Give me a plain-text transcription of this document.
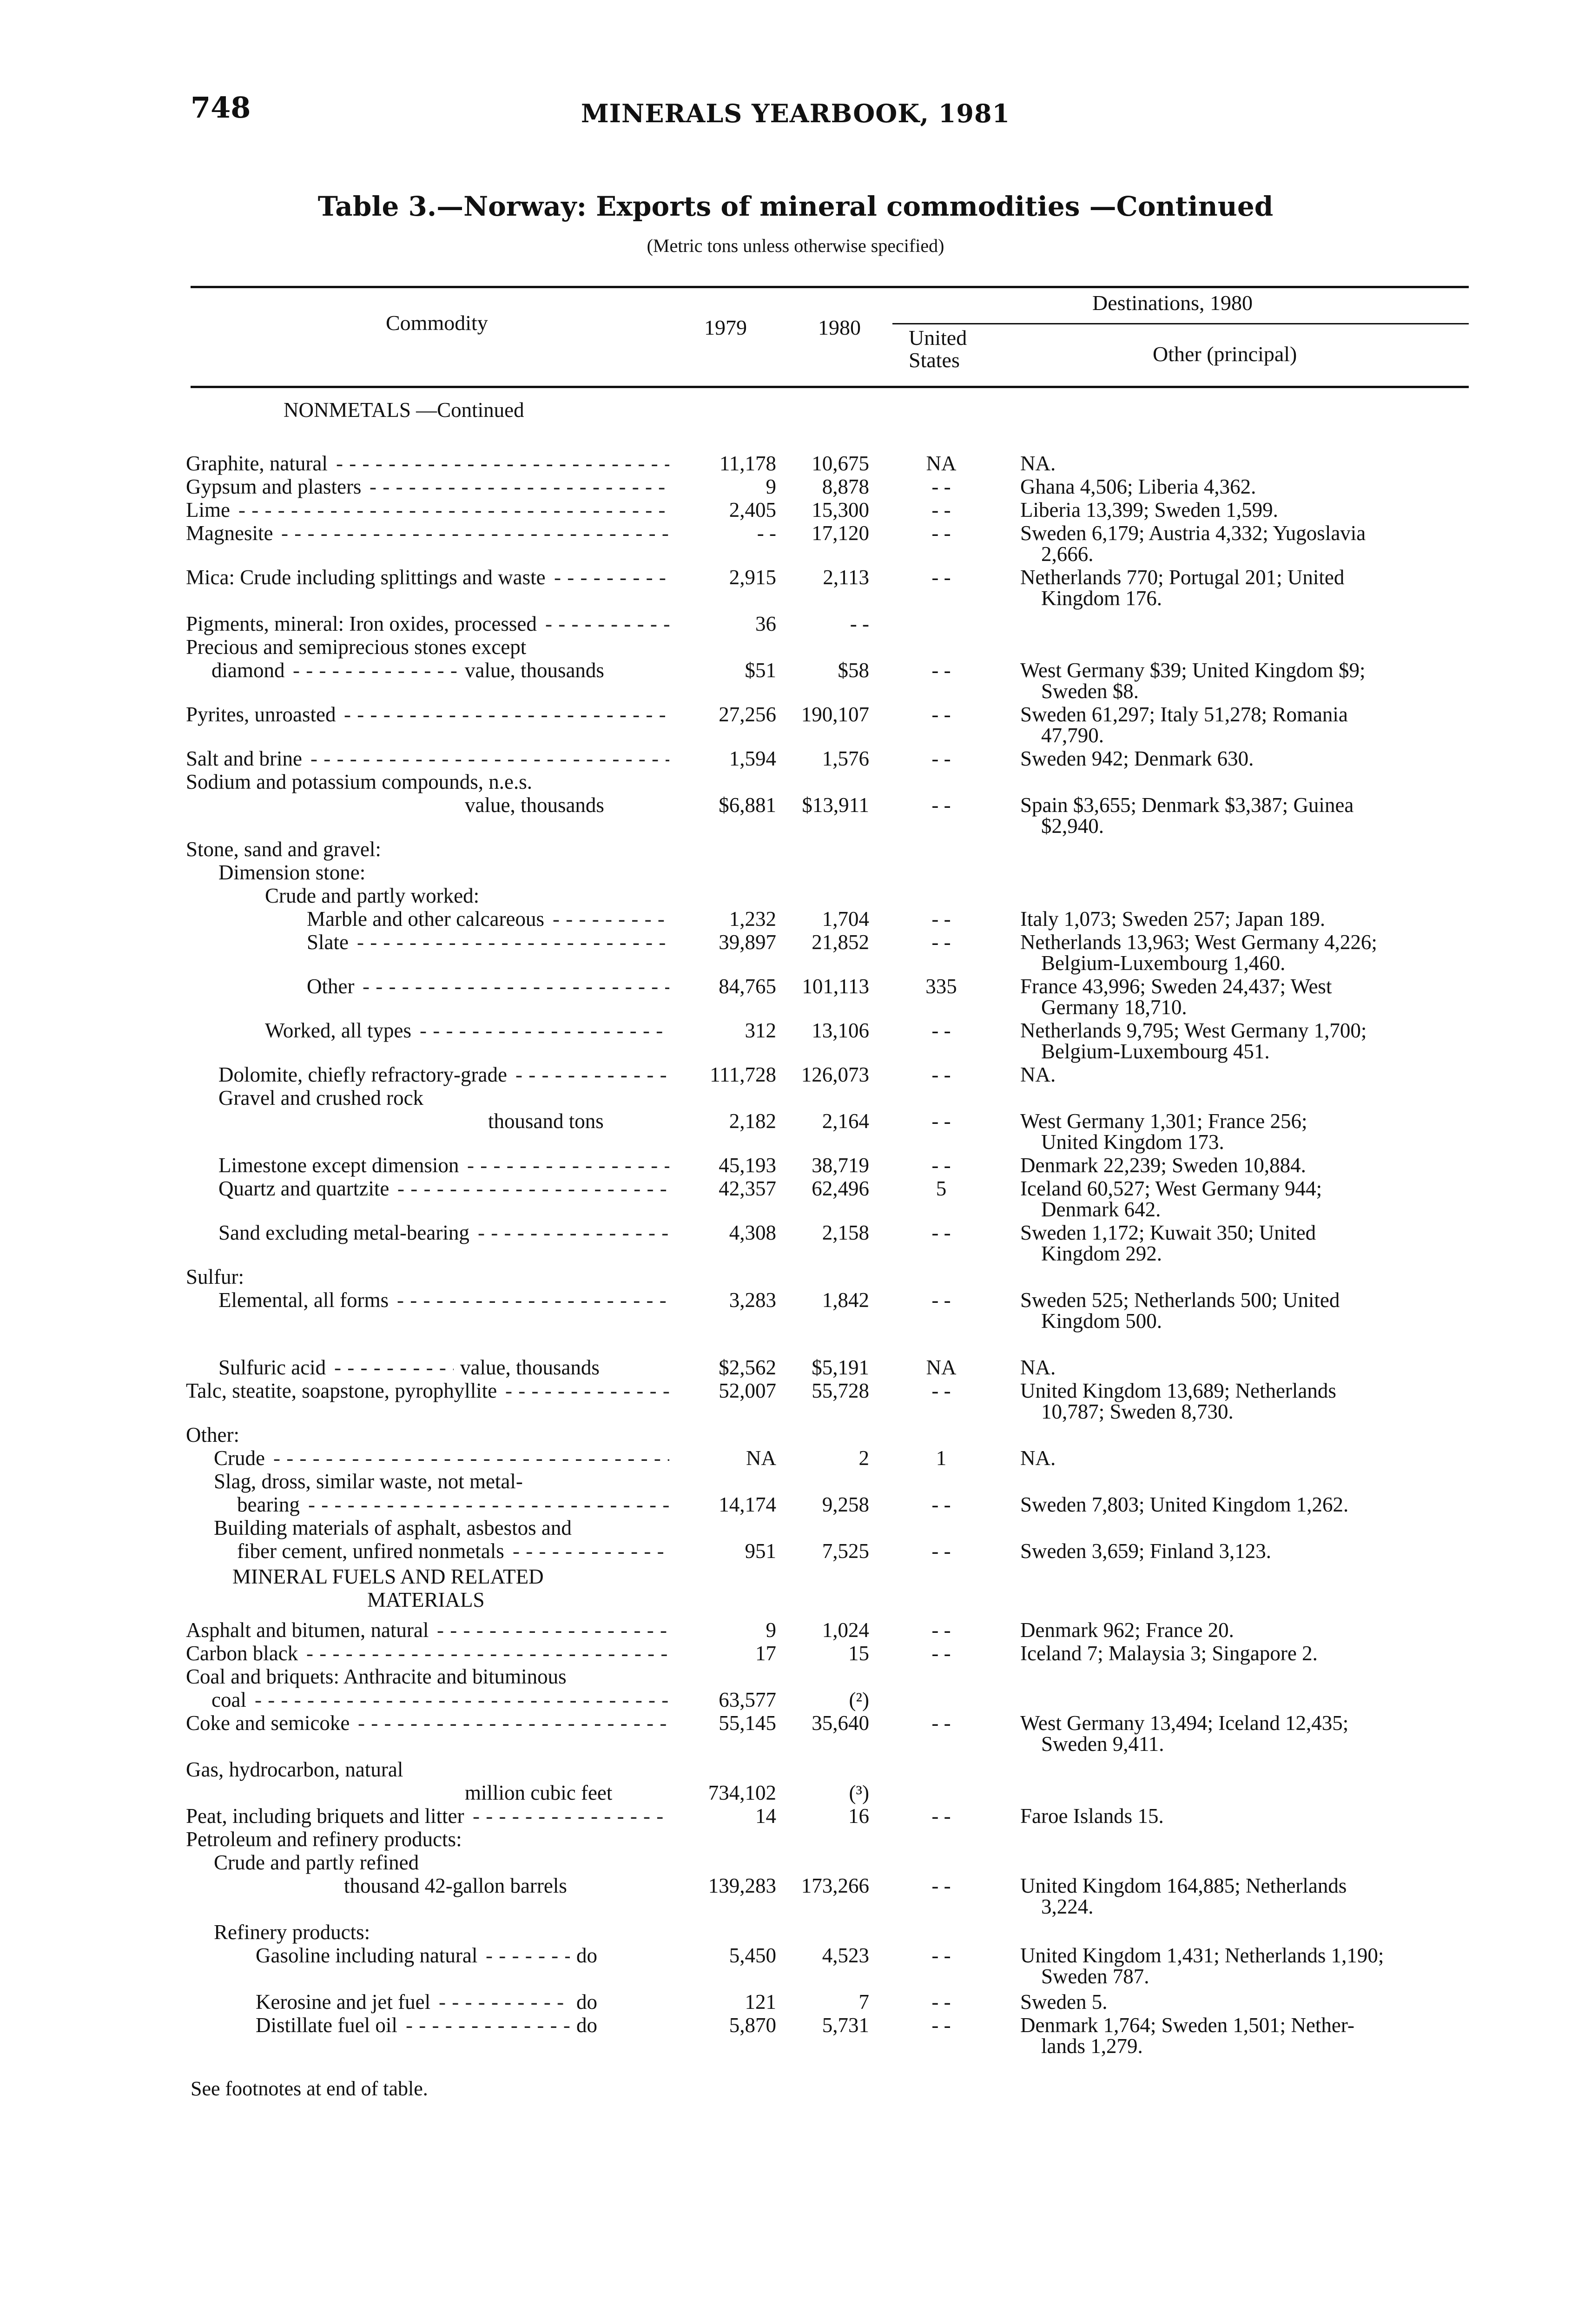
748	MINERALS YEARBOOK, 1981
Table 3.—Norway: Exports of mineral commodities —Continued
(Metric tons unless otherwise specified)
Commodity	1979	1980
Destinations, 1980
United
States	Other (principal)
NONMETALS —Continued
Graphite, natural - - -	11,178	10,675	NA	NA.
Gypsum and plasters - - -	9	8,878	- -	Ghana 4,506; Liberia 4,362.
Lime - - -	2,405	15,300	- -	Liberia 13,399; Sweden 1,599.
Magnesite - - -	- -	17,120	- -	Sweden 6,179; Austria 4,332; Yugoslavia
2,666.
Mica: Crude including splittings and waste - - -	2,915	2,113	- -	Netherlands 770; Portugal 201; United
Kingdom 176.
Pigments, mineral: Iron oxides, processed - - -	36	- -
Precious and semiprecious stones except
diamond - - -	value, thousands	$51	$58	- -	West Germany $39; United Kingdom $9;
Sweden $8.
Pyrites, unroasted - - -	27,256	190,107	- -	Sweden 61,297; Italy 51,278; Romania
47,790.
Salt and brine - - -	1,594	1,576	- -	Sweden 942; Denmark 630.
Sodium and potassium compounds, n.e.s.
value, thousands	$6,881	$13,911	- -	Spain $3,655; Denmark $3,387; Guinea
$2,940.
Stone, sand and gravel:
Dimension stone:
Crude and partly worked:
Marble and other calcareous - - -	1,232	1,704	- -	Italy 1,073; Sweden 257; Japan 189.
Slate - - -	39,897	21,852	- -	Netherlands 13,963; West Germany 4,226;
Belgium-Luxembourg 1,460.
Other - - -	84,765	101,113	335	France 43,996; Sweden 24,437; West
Germany 18,710.
Worked, all types - - -	312	13,106	- -	Netherlands 9,795; West Germany 1,700;
Belgium-Luxembourg 451.
Dolomite, chiefly refractory-grade - - -	111,728	126,073	- -	NA.
Gravel and crushed rock
thousand tons	2,182	2,164	- -	West Germany 1,301; France 256;
United Kingdom 173.
Limestone except dimension - - -	45,193	38,719	- -	Denmark 22,239; Sweden 10,884.
Quartz and quartzite - - -	42,357	62,496	5	Iceland 60,527; West Germany 944;
Denmark 642.
Sand excluding metal-bearing - - -	4,308	2,158	- -	Sweden 1,172; Kuwait 350; United
Kingdom 292.
Sulfur:
Elemental, all forms - - -	3,283	1,842	- -	Sweden 525; Netherlands 500; United
Kingdom 500.
Sulfuric acid - - -	value, thousands	$2,562	$5,191	NA	NA.
Talc, steatite, soapstone, pyrophyllite - - -	52,007	55,728	- -	United Kingdom 13,689; Netherlands
10,787; Sweden 8,730.
Other:
Crude - - -	NA	2	1	NA.
Slag, dross, similar waste, not metal-
bearing - - -	14,174	9,258	- -	Sweden 7,803; United Kingdom 1,262.
Building materials of asphalt, asbestos and
fiber cement, unfired nonmetals - - -	951	7,525	- -	Sweden 3,659; Finland 3,123.
MINERAL FUELS AND RELATED
MATERIALS
Asphalt and bitumen, natural - - -	9	1,024	- -	Denmark 962; France 20.
Carbon black - - -	17	15	- -	Iceland 7; Malaysia 3; Singapore 2.
Coal and briquets: Anthracite and bituminous
coal - - -	63,577	(²)
Coke and semicoke - - -	55,145	35,640	- -	West Germany 13,494; Iceland 12,435;
Sweden 9,411.
Gas, hydrocarbon, natural
million cubic feet	734,102	(³)
Peat, including briquets and litter - - -	14	16	- -	Faroe Islands 15.
Petroleum and refinery products:
Crude and partly refined
thousand 42-gallon barrels	139,283	173,266	- -	United Kingdom 164,885; Netherlands
3,224.
Refinery products:
Gasoline including natural - - -	do	5,450	4,523	- -	United Kingdom 1,431; Netherlands 1,190;
Sweden 787.
Kerosine and jet fuel - - -	do	121	7	- -	Sweden 5.
Distillate fuel oil - - -	do	5,870	5,731	- -	Denmark 1,764; Sweden 1,501; Nether-
lands 1,279.
See footnotes at end of table.
